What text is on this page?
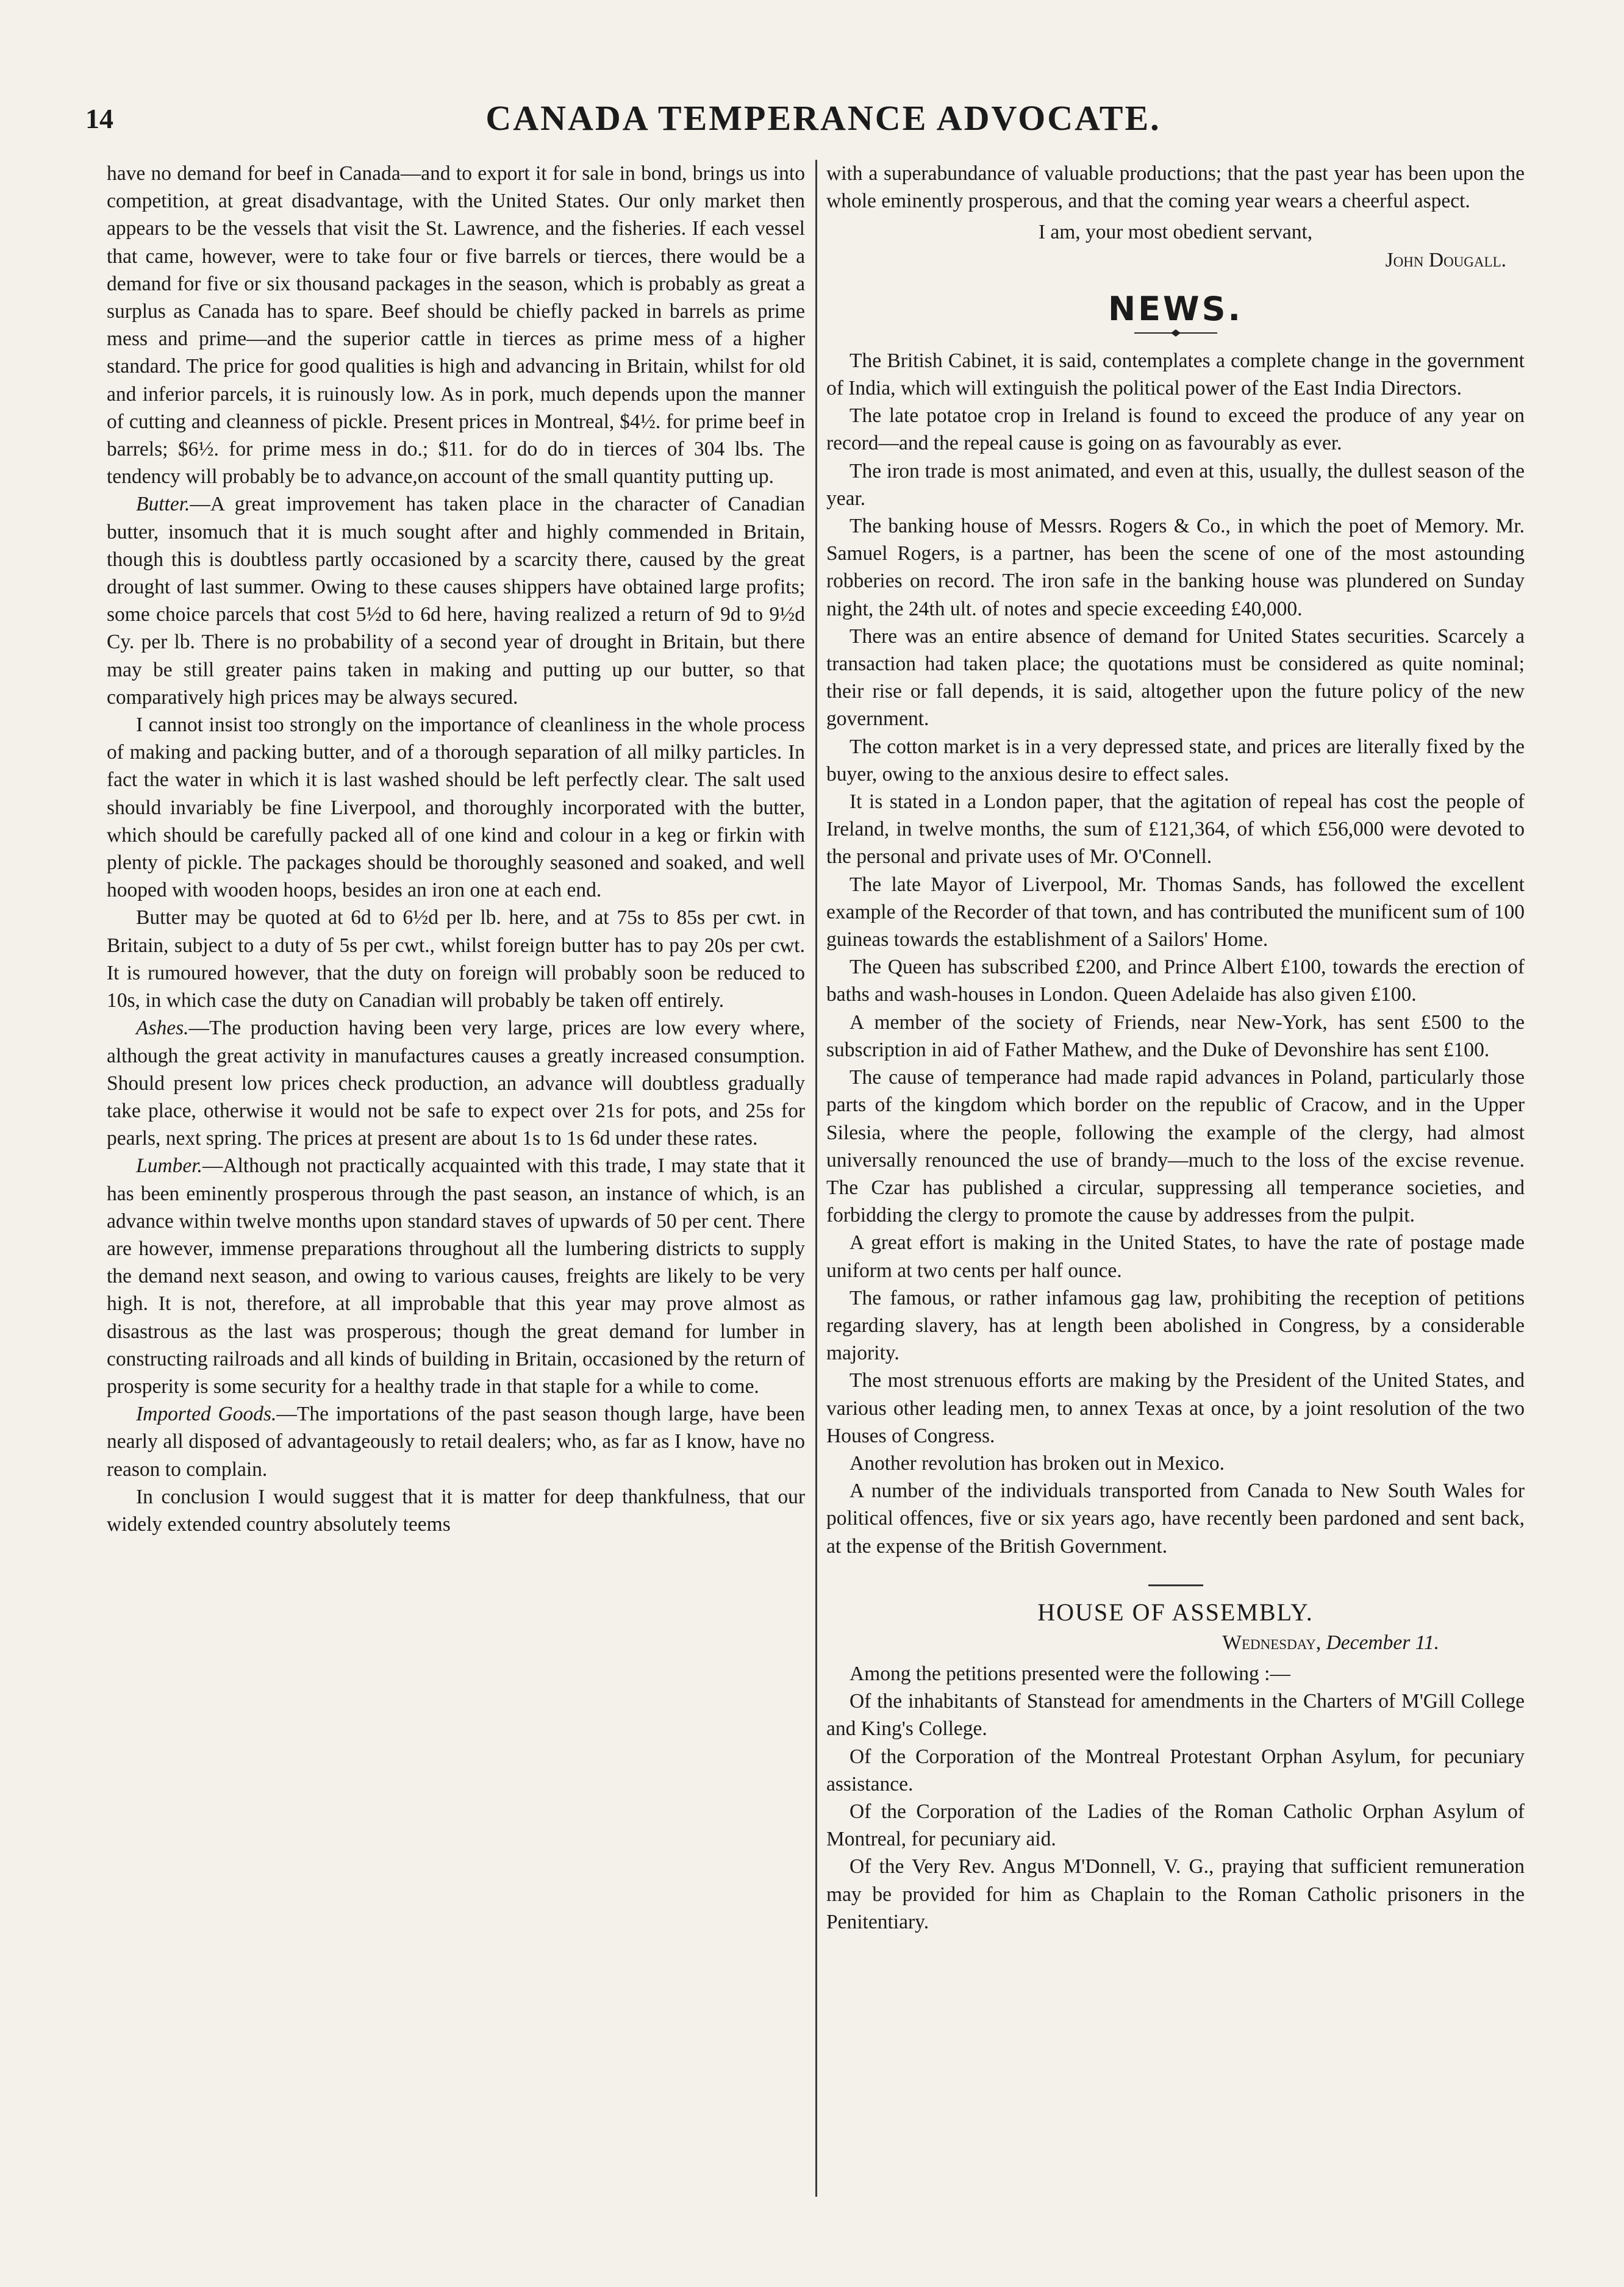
14	CANADA TEMPERANCE ADVOCATE.

have no demand for beef in Canada—and to export it for sale in bond, brings us into competition, at great disadvantage, with the United States. Our only market then appears to be the vessels that visit the St. Lawrence, and the fisheries. If each vessel that came, however, were to take four or five barrels or tierces, there would be a demand for five or six thousand packages in the season, which is probably as great a surplus as Canada has to spare. Beef should be chiefly packed in barrels as prime mess and prime—and the superior cattle in tierces as prime mess of a higher standard. The price for good qualities is high and advancing in Britain, whilst for old and inferior parcels, it is ruinously low. As in pork, much depends upon the manner of cutting and cleanness of pickle. Present prices in Montreal, $4½. for prime beef in barrels; $6½. for prime mess in do.; $11. for do do in tierces of 304 lbs. The tendency will probably be to advance,on account of the small quantity putting up.

Butter.—A great improvement has taken place in the character of Canadian butter, insomuch that it is much sought after and highly commended in Britain, though this is doubtless partly occasioned by a scarcity there, caused by the great drought of last summer. Owing to these causes shippers have obtained large profits; some choice parcels that cost 5½d to 6d here, having realized a return of 9d to 9½d Cy. per lb. There is no probability of a second year of drought in Britain, but there may be still greater pains taken in making and putting up our butter, so that comparatively high prices may be always secured.

I cannot insist too strongly on the importance of cleanliness in the whole process of making and packing butter, and of a thorough separation of all milky particles. In fact the water in which it is last washed should be left perfectly clear. The salt used should invariably be fine Liverpool, and thoroughly incorporated with the butter, which should be carefully packed all of one kind and colour in a keg or firkin with plenty of pickle. The packages should be thoroughly seasoned and soaked, and well hooped with wooden hoops, besides an iron one at each end.

Butter may be quoted at 6d to 6½d per lb. here, and at 75s to 85s per cwt. in Britain, subject to a duty of 5s per cwt., whilst foreign butter has to pay 20s per cwt. It is rumoured however, that the duty on foreign will probably soon be reduced to 10s, in which case the duty on Canadian will probably be taken off entirely.

Ashes.—The production having been very large, prices are low every where, although the great activity in manufactures causes a greatly increased consumption. Should present low prices check production, an advance will doubtless gradually take place, otherwise it would not be safe to expect over 21s for pots, and 25s for pearls, next spring. The prices at present are about 1s to 1s 6d under these rates.

Lumber.—Although not practically acquainted with this trade, I may state that it has been eminently prosperous through the past season, an instance of which, is an advance within twelve months upon standard staves of upwards of 50 per cent. There are however, immense preparations throughout all the lumbering districts to supply the demand next season, and owing to various causes, freights are likely to be very high. It is not, therefore, at all improbable that this year may prove almost as disastrous as the last was prosperous; though the great demand for lumber in constructing railroads and all kinds of building in Britain, occasioned by the return of prosperity is some security for a healthy trade in that staple for a while to come.

Imported Goods.—The importations of the past season though large, have been nearly all disposed of advantageously to retail dealers; who, as far as I know, have no reason to complain.

In conclusion I would suggest that it is matter for deep thankfulness, that our widely extended country absolutely teems

with a superabundance of valuable productions; that the past year has been upon the whole eminently prosperous, and that the coming year wears a cheerful aspect.

I am, your most obedient servant,

John Dougall.

NEWS.

The British Cabinet, it is said, contemplates a complete change in the government of India, which will extinguish the political power of the East India Directors.

The late potatoe crop in Ireland is found to exceed the produce of any year on record—and the repeal cause is going on as favourably as ever.

The iron trade is most animated, and even at this, usually, the dullest season of the year.

The banking house of Messrs. Rogers & Co., in which the poet of Memory. Mr. Samuel Rogers, is a partner, has been the scene of one of the most astounding robberies on record. The iron safe in the banking house was plundered on Sunday night, the 24th ult. of notes and specie exceeding £40,000.

There was an entire absence of demand for United States securities. Scarcely a transaction had taken place; the quotations must be considered as quite nominal; their rise or fall depends, it is said, altogether upon the future policy of the new government.

The cotton market is in a very depressed state, and prices are literally fixed by the buyer, owing to the anxious desire to effect sales.

It is stated in a London paper, that the agitation of repeal has cost the people of Ireland, in twelve months, the sum of £121,364, of which £56,000 were devoted to the personal and private uses of Mr. O'Connell.

The late Mayor of Liverpool, Mr. Thomas Sands, has followed the excellent example of the Recorder of that town, and has contributed the munificent sum of 100 guineas towards the establishment of a Sailors' Home.

The Queen has subscribed £200, and Prince Albert £100, towards the erection of baths and wash-houses in London. Queen Adelaide has also given £100.

A member of the society of Friends, near New-York, has sent £500 to the subscription in aid of Father Mathew, and the Duke of Devonshire has sent £100.

The cause of temperance had made rapid advances in Poland, particularly those parts of the kingdom which border on the republic of Cracow, and in the Upper Silesia, where the people, following the example of the clergy, had almost universally renounced the use of brandy—much to the loss of the excise revenue. The Czar has published a circular, suppressing all temperance societies, and forbidding the clergy to promote the cause by addresses from the pulpit.

A great effort is making in the United States, to have the rate of postage made uniform at two cents per half ounce.

The famous, or rather infamous gag law, prohibiting the reception of petitions regarding slavery, has at length been abolished in Congress, by a considerable majority.

The most strenuous efforts are making by the President of the United States, and various other leading men, to annex Texas at once, by a joint resolution of the two Houses of Congress.

Another revolution has broken out in Mexico.

A number of the individuals transported from Canada to New South Wales for political offences, five or six years ago, have recently been pardoned and sent back, at the expense of the British Government.

HOUSE OF ASSEMBLY.

Wednesday, December 11.

Among the petitions presented were the following :—

Of the inhabitants of Stanstead for amendments in the Charters of M'Gill College and King's College.

Of the Corporation of the Montreal Protestant Orphan Asylum, for pecuniary assistance.

Of the Corporation of the Ladies of the Roman Catholic Orphan Asylum of Montreal, for pecuniary aid.

Of the Very Rev. Angus M'Donnell, V. G., praying that sufficient remuneration may be provided for him as Chaplain to the Roman Catholic prisoners in the Penitentiary.
